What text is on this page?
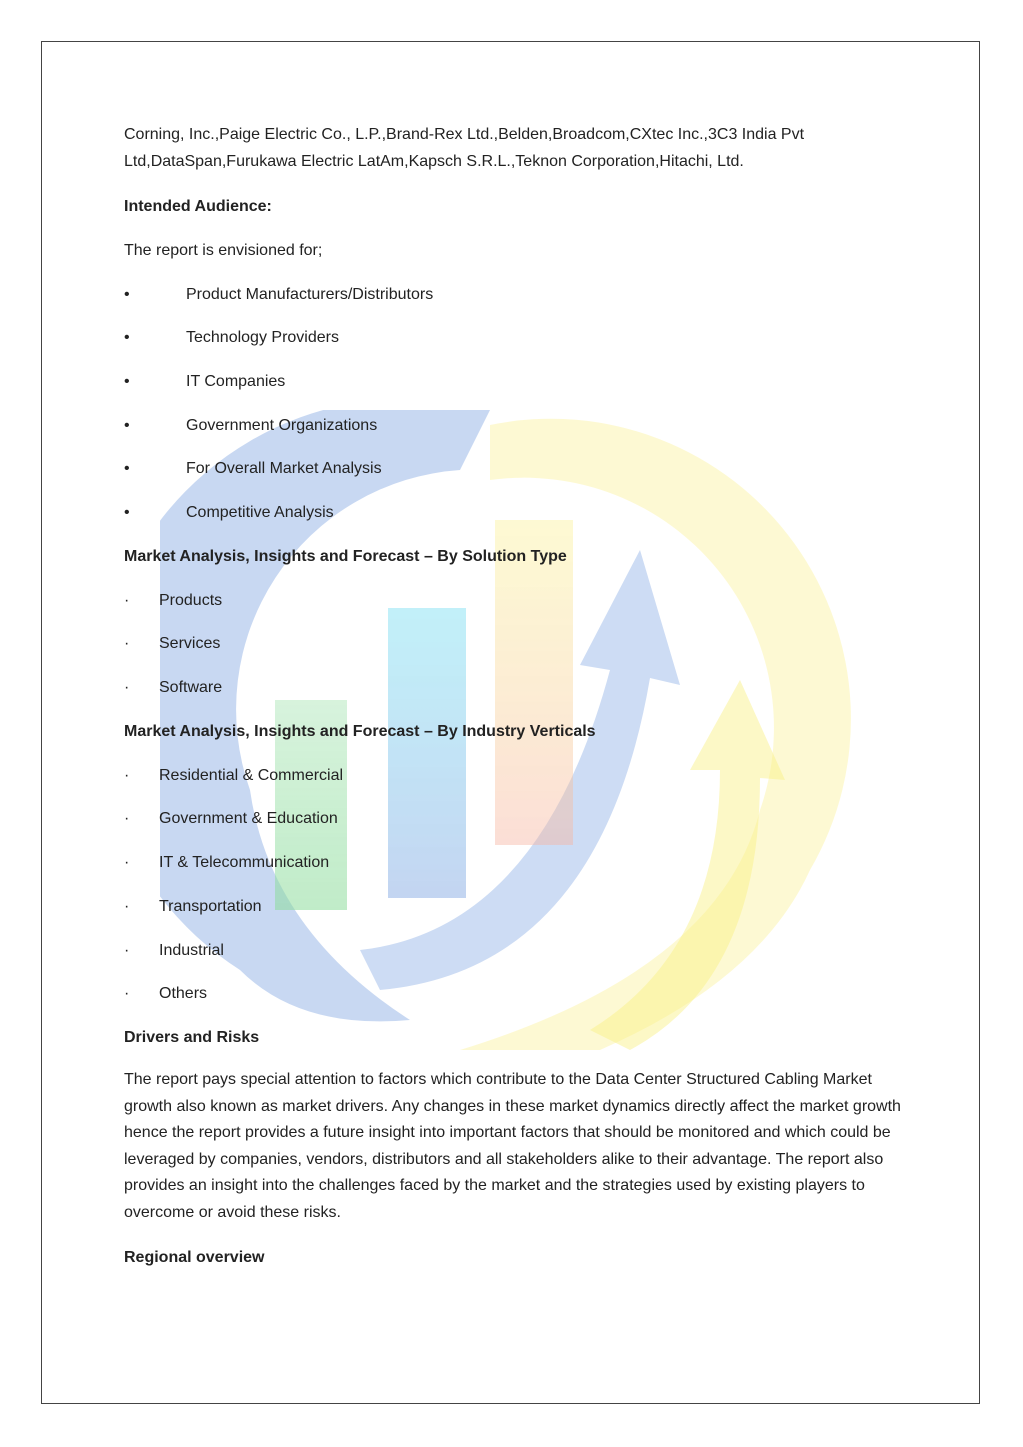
Corning, Inc.,Paige Electric Co., L.P.,Brand-Rex Ltd.,Belden,Broadcom,CXtec Inc.,3C3 India Pvt Ltd,DataSpan,Furukawa Electric LatAm,Kapsch S.R.L.,Teknon Corporation,Hitachi, Ltd.
Intended Audience:
The report is envisioned for;
•	Product Manufacturers/Distributors
•	Technology Providers
•	IT Companies
•	Government Organizations
•	For Overall Market Analysis
•	Competitive Analysis
Market Analysis, Insights and Forecast – By Solution Type
· Products
· Services
· Software
Market Analysis, Insights and Forecast – By Industry Verticals
· Residential & Commercial
· Government & Education
· IT & Telecommunication
· Transportation
· Industrial
· Others
Drivers and Risks
The report pays special attention to factors which contribute to the Data Center Structured Cabling Market growth also known as market drivers. Any changes in these market dynamics directly affect the market growth hence the report provides a future insight into important factors that should be monitored and which could be leveraged by companies, vendors, distributors and all stakeholders alike to their advantage. The report also provides an insight into the challenges faced by the market and the strategies used by existing players to overcome or avoid these risks.
Regional overview
